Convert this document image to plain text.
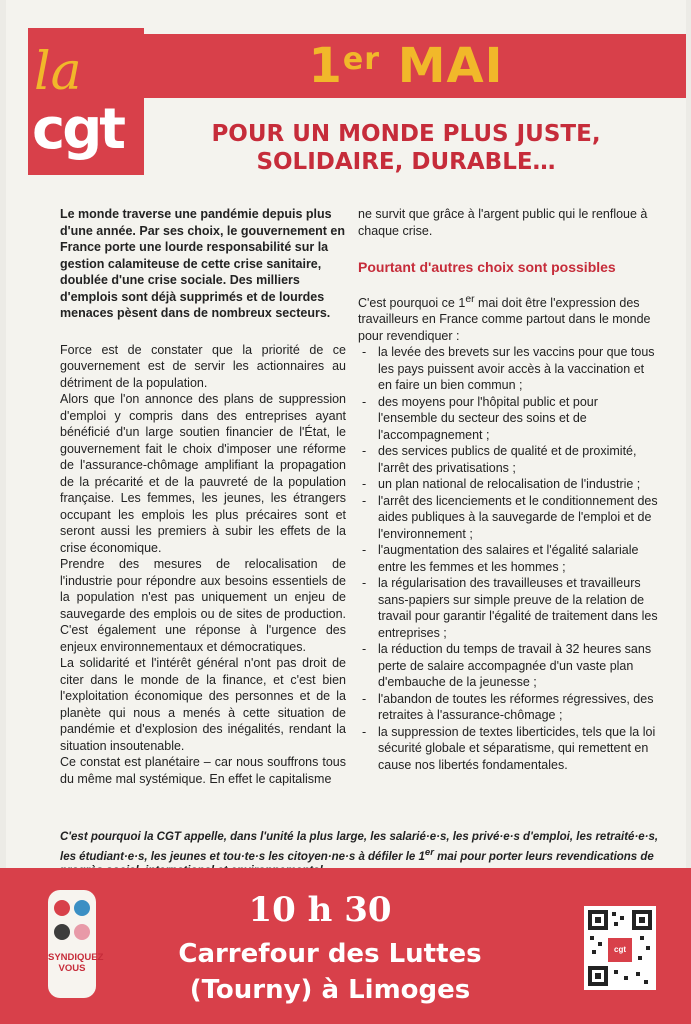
1er MAI
la
cgt	POUR UN MONDE PLUS JUSTE,
SOLIDAIRE, DURABLE…

Le monde traverse une pandémie depuis plus d'une année. Par ses choix, le gouvernement en France porte une lourde responsabilité sur la gestion calamiteuse de cette crise sanitaire, doublée d'une crise sociale. Des milliers d'emplois sont déjà supprimés et de lourdes menaces pèsent dans de nombreux secteurs.

Force est de constater que la priorité de ce gouvernement est de servir les actionnaires au détriment de la population.

Alors que l'on annonce des plans de suppression d'emploi y compris dans des entreprises ayant bénéficié d'un large soutien financier de l'État, le gouvernement fait le choix d'imposer une réforme de l'assurance-chômage amplifiant la propagation de la précarité et de la pauvreté de la population française. Les femmes, les jeunes, les étrangers occupant les emplois les plus précaires sont et seront aussi les premiers à subir les effets de la crise économique.

Prendre des mesures de relocalisation de l'industrie pour répondre aux besoins essentiels de la population n'est pas uniquement un enjeu de sauvegarde des emplois ou de sites de production. C'est également une réponse à l'urgence des enjeux environnementaux et démocratiques.

La solidarité et l'intérêt général n'ont pas droit de citer dans le monde de la finance, et c'est bien l'exploitation économique des personnes et de la planète qui nous a menés à cette situation de pandémie et d'explosion des inégalités, rendant la situation insoutenable.

Ce constat est planétaire – car nous souffrons tous du même mal systémique. En effet le capitalisme

ne survit que grâce à l'argent public qui le renfloue à chaque crise.

Pourtant d'autres choix sont possibles

C'est pourquoi ce 1er mai doit être l'expression des travailleurs en France comme partout dans le monde pour revendiquer :

- la levée des brevets sur les vaccins pour que tous les pays puissent avoir accès à la vaccination et en faire un bien commun ;
- des moyens pour l'hôpital public et pour l'ensemble du secteur des soins et de l'accompagnement ;
- des services publics de qualité et de proximité, l'arrêt des privatisations ;
- un plan national de relocalisation de l'industrie ;
- l'arrêt des licenciements et le conditionnement des aides publiques à la sauvegarde de l'emploi et de l'environnement ;
- l'augmentation des salaires et l'égalité salariale entre les femmes et les hommes ;
- la régularisation des travailleuses et travailleurs sans-papiers sur simple preuve de la relation de travail pour garantir l'égalité de traitement dans les entreprises ;
- la réduction du temps de travail à 32 heures sans perte de salaire accompagnée d'un vaste plan d'embauche de la jeunesse ;
- l'abandon de toutes les réformes régressives, des retraites à l'assurance-chômage ;
- la suppression de textes liberticides, tels que la loi sécurité globale et séparatisme, qui remettent en cause nos libertés fondamentales.

C'est pourquoi la CGT appelle, dans l'unité la plus large, les salarié·e·s, les privé·e·s d'emploi, les retraité·e·s, les étudiant·e·s, les jeunes et tou·te·s les citoyen·ne·s à défiler le 1er mai pour porter leurs revendications de

SYNDIQUEZ
VOUS
10 h 30
Carrefour des Luttes
(Tourny) à Limoges
cgt
